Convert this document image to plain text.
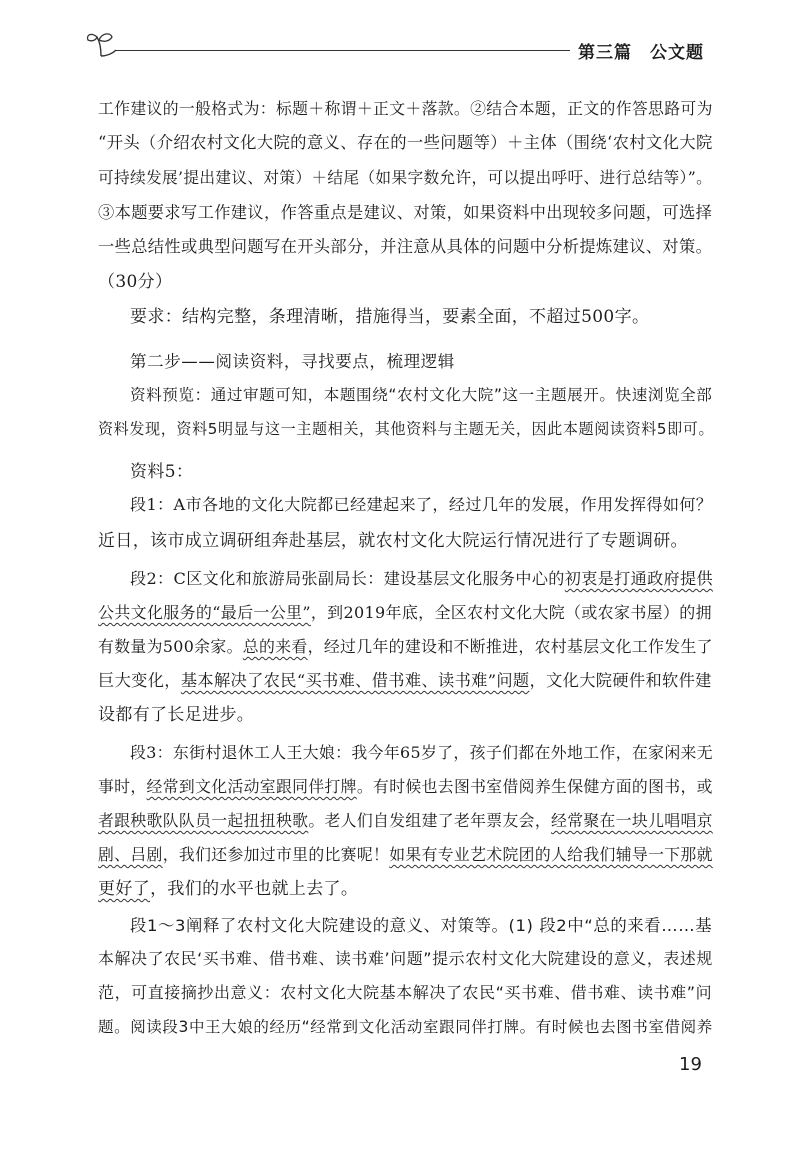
第三篇　公文题
工作建议的一般格式为：标题＋称谓＋正文＋落款。②结合本题，正文的作答思路可为
“开头（介绍农村文化大院的意义、存在的一些问题等）＋主体（围绕‘农村文化大院
可持续发展’提出建议、对策）＋结尾（如果字数允许，可以提出呼吁、进行总结等）”。
③本题要求写工作建议，作答重点是建议、对策，如果资料中出现较多问题，可选择
一些总结性或典型问题写在开头部分，并注意从具体的问题中分析提炼建议、对策。
（30分）
要求：结构完整，条理清晰，措施得当，要素全面，不超过500字。
第二步——阅读资料，寻找要点，梳理逻辑
资料预览：通过审题可知，本题围绕“农村文化大院”这一主题展开。快速浏览全部
资料发现，资料5明显与这一主题相关，其他资料与主题无关，因此本题阅读资料5即可。
资料5：
段1：A市各地的文化大院都已经建起来了，经过几年的发展，作用发挥得如何？
近日，该市成立调研组奔赴基层，就农村文化大院运行情况进行了专题调研。
段2：C区文化和旅游局张副局长：建设基层文化服务中心的初衷是打通政府提供
公共文化服务的“最后一公里”，到2019年底，全区农村文化大院（或农家书屋）的拥
有数量为500余家。总的来看，经过几年的建设和不断推进，农村基层文化工作发生了
巨大变化，基本解决了农民“买书难、借书难、读书难”问题，文化大院硬件和软件建
设都有了长足进步。
段3：东街村退休工人王大娘：我今年65岁了，孩子们都在外地工作，在家闲来无
事时，经常到文化活动室跟同伴打牌。有时候也去图书室借阅养生保健方面的图书，或
者跟秧歌队队员一起扭扭秧歌。老人们自发组建了老年票友会，经常聚在一块儿唱唱京
剧、吕剧，我们还参加过市里的比赛呢！如果有专业艺术院团的人给我们辅导一下那就
更好了，我们的水平也就上去了。
段1～3阐释了农村文化大院建设的意义、对策等。(1) 段2中“总的来看……基
本解决了农民‘买书难、借书难、读书难’问题”提示农村文化大院建设的意义，表述规
范，可直接摘抄出意义：农村文化大院基本解决了农民“买书难、借书难、读书难”问
题。阅读段3中王大娘的经历“经常到文化活动室跟同伴打牌。有时候也去图书室借阅养
19
